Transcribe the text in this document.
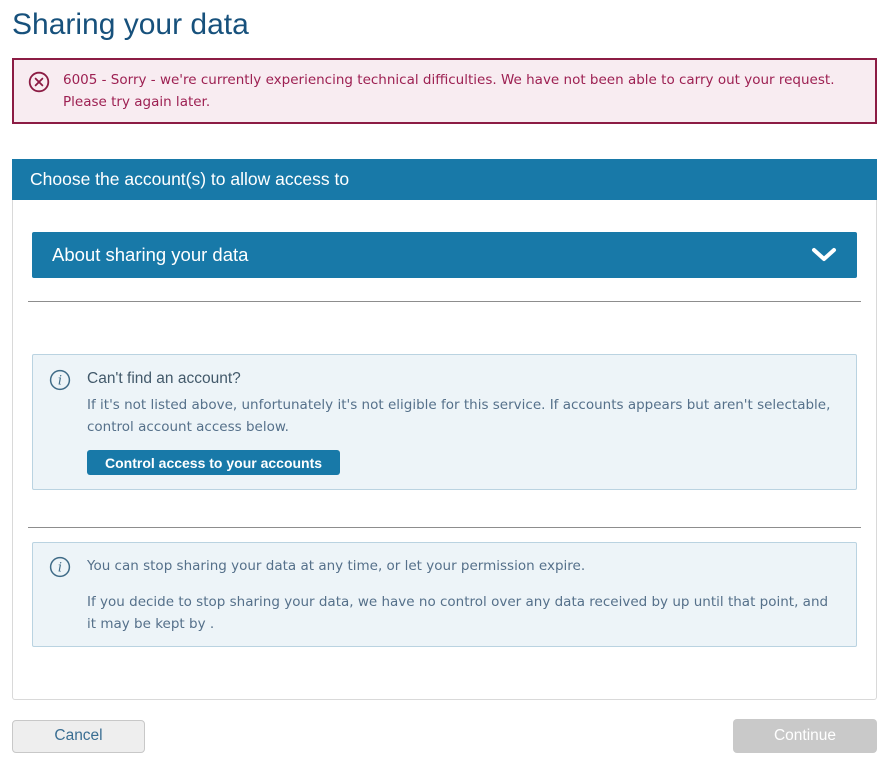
Sharing your data
6005 - Sorry - we're currently experiencing technical difficulties. We have not been able to carry out your request. Please try again later.
Choose the account(s) to allow access to
About sharing your data
i Can't find an account?
If it's not listed above, unfortunately it's not eligible for this service. If accounts appears but aren't selectable, control account access below.
Control access to your accounts
i You can stop sharing your data at any time, or let your permission expire.

If you decide to stop sharing your data, we have no control over any data received by up until that point, and it may be kept by .

Cancel	Continue
